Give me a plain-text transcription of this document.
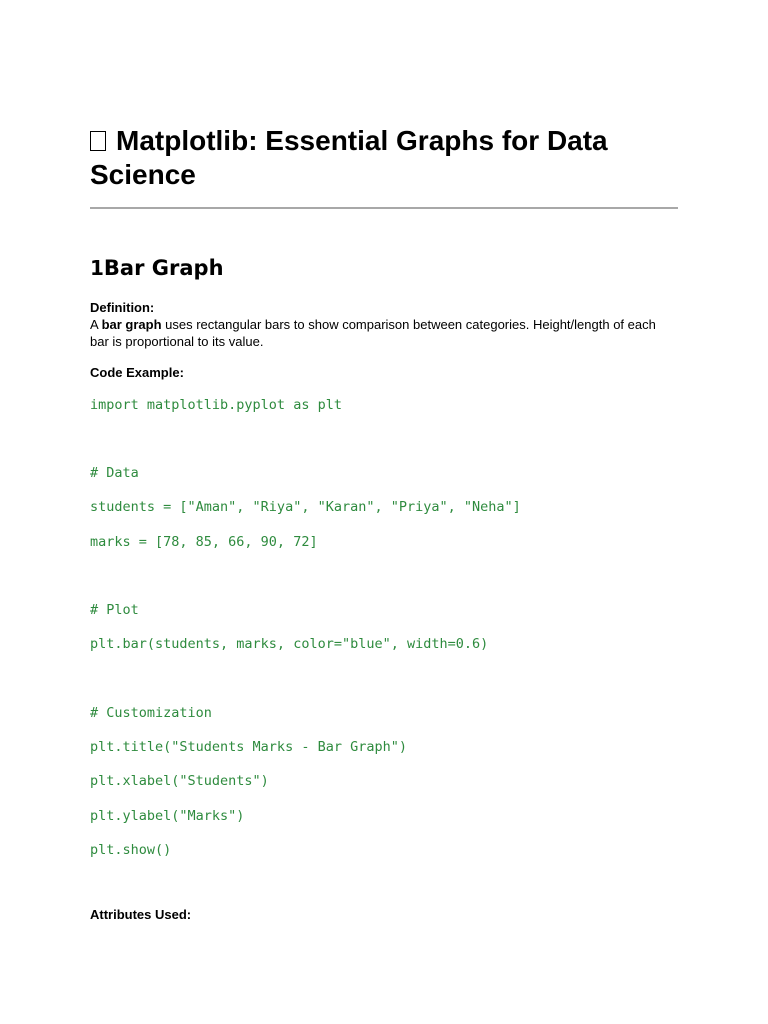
Matplotlib: Essential Graphs for Data Science
1Bar Graph
Definition:
A bar graph uses rectangular bars to show comparison between categories. Height/length of each bar is proportional to its value.
Code Example:
import matplotlib.pyplot as plt
# Data
students = ["Aman", "Riya", "Karan", "Priya", "Neha"]
marks = [78, 85, 66, 90, 72]
# Plot
plt.bar(students, marks, color="blue", width=0.6)
# Customization
plt.title("Students Marks - Bar Graph")
plt.xlabel("Students")
plt.ylabel("Marks")
plt.show()
Attributes Used:
